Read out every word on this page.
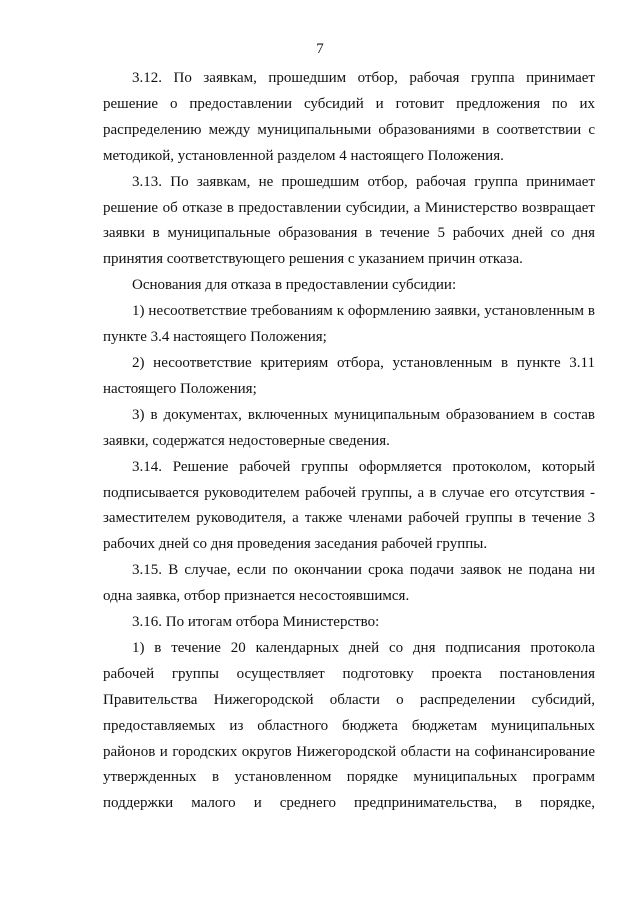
7

3.12. По заявкам, прошедшим отбор, рабочая группа принимает решение о предоставлении субсидий и готовит предложения по их распределению между муниципальными образованиями в соответствии с методикой, установленной разделом 4 настоящего Положения.

3.13. По заявкам, не прошедшим отбор, рабочая группа принимает решение об отказе в предоставлении субсидии, а Министерство возвращает заявки в муниципальные образования в течение 5 рабочих дней со дня принятия соответствующего решения с указанием причин отказа.

Основания для отказа в предоставлении субсидии:

1) несоответствие требованиям к оформлению заявки, установленным в пункте 3.4 настоящего Положения;

2) несоответствие критериям отбора, установленным в пункте 3.11 настоящего Положения;

3) в документах, включенных муниципальным образованием в состав заявки, содержатся недостоверные сведения.

3.14. Решение рабочей группы оформляется протоколом, который подписывается руководителем рабочей группы, а в случае его отсутствия - заместителем руководителя, а также членами рабочей группы в течение 3 рабочих дней со дня проведения заседания рабочей группы.

3.15. В случае, если по окончании срока подачи заявок не подана ни одна заявка, отбор признается несостоявшимся.

3.16. По итогам отбора Министерство:

1) в течение 20 календарных дней со дня подписания протокола рабочей группы осуществляет подготовку проекта постановления Правительства Нижегородской области о распределении субсидий, предоставляемых из областного бюджета бюджетам муниципальных районов и городских округов Нижегородской области на софинансирование утвержденных в установленном порядке муниципальных программ поддержки малого и среднего предпринимательства, в порядке,
